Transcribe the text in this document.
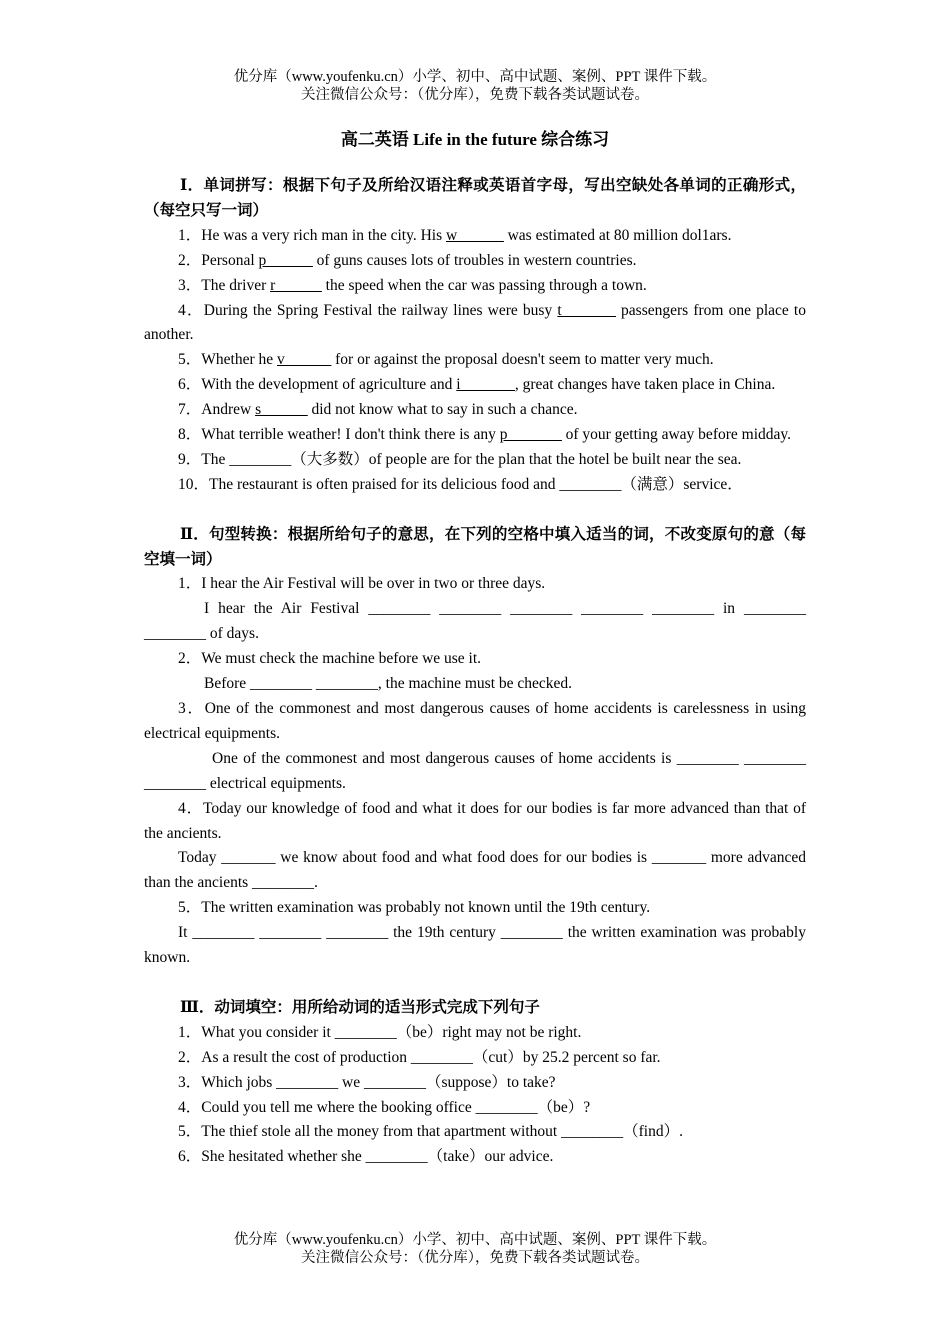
优分库（www.youfenku.cn）小学、初中、高中试题、案例、PPT 课件下载。
关注微信公众号：（优分库），免费下载各类试题试卷。
高二英语 Life in the future 综合练习
Ⅰ．单词拼写：根据下句子及所给汉语注释或英语首字母，写出空缺处各单词的正确形式，（每空只写一词）
1．He was a very rich man in the city. His w______ was estimated at 80 million dol1ars.
2．Personal p______ of guns causes lots of troubles in western countries.
3．The driver r______ the speed when the car was passing through a town.
4．During the Spring Festival the railway lines were busy t_______ passengers from one place to another.
5．Whether he v______ for or against the proposal doesn't seem to matter very much.
6．With the development of agriculture and i_______, great changes have taken place in China.
7．Andrew s______ did not know what to say in such a chance.
8．What terrible weather! I don't think there is any p_______ of your getting away before midday.
9．The ________（大多数）of people are for the plan that the hotel be built near the sea.
10．The restaurant is often praised for its delicious food and ________（满意）service．
Ⅱ．句型转换：根据所给句子的意思，在下列的空格中填入适当的词，不改变原句的意（每空填一词）
1．I hear the Air Festival will be over in two or three days.
I hear the Air Festival ________ ________ ________ ________ ________ in ________ ________ of days.
2．We must check the machine before we use it.
Before ________ ________, the machine must be checked.
3．One of the commonest and most dangerous causes of home accidents is carelessness in using electrical equipments.
One of the commonest and most dangerous causes of home accidents is ________ ________ ________ electrical equipments.
4．Today our knowledge of food and what it does for our bodies is far more advanced than that of the ancients.
Today _______ we know about food and what food does for our bodies is _______ more advanced than the ancients ________.
5．The written examination was probably not known until the 19th century.
It ________ ________ ________ the 19th century ________ the written examination was probably known.
Ⅲ．动词填空：用所给动词的适当形式完成下列句子
1．What you consider it ________（be）right may not be right.
2．As a result the cost of production ________（cut）by 25.2 percent so far.
3．Which jobs ________ we ________（suppose）to take?
4．Could you tell me where the booking office ________（be）?
5．The thief stole all the money from that apartment without ________（find）.
6．She hesitated whether she ________（take）our advice.
优分库（www.youfenku.cn）小学、初中、高中试题、案例、PPT 课件下载。
关注微信公众号：（优分库），免费下载各类试题试卷。
